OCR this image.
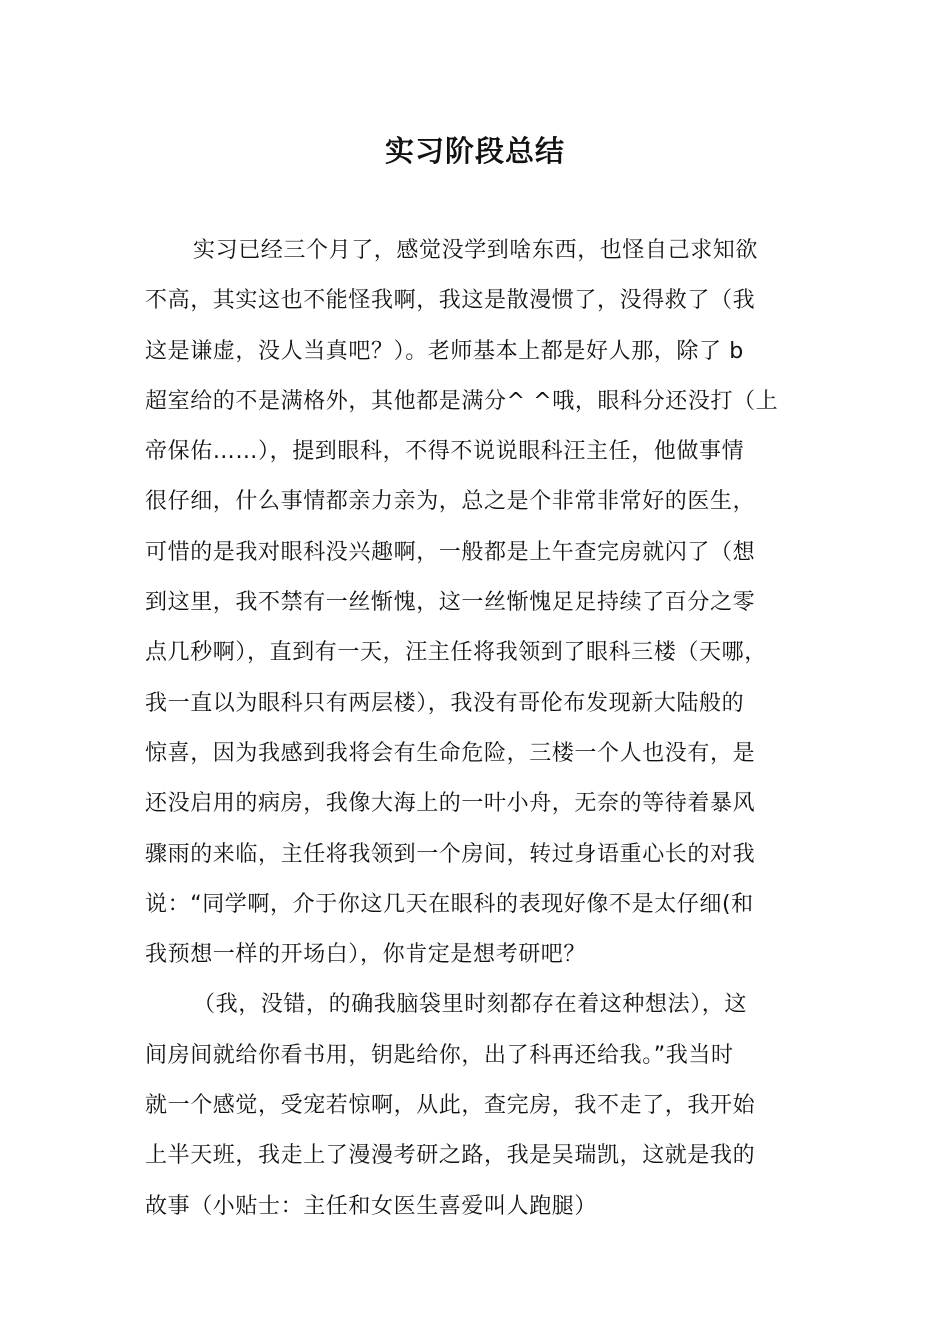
实习阶段总结
实习已经三个月了，感觉没学到啥东西，也怪自己求知欲
不高，其实这也不能怪我啊，我这是散漫惯了，没得救了（我
这是谦虚，没人当真吧？）。老师基本上都是好人那，除了 b
超室给的不是满格外，其他都是满分^ ^哦，眼科分还没打（上
帝保佑……），提到眼科，不得不说说眼科汪主任，他做事情
很仔细，什么事情都亲力亲为，总之是个非常非常好的医生，
可惜的是我对眼科没兴趣啊，一般都是上午查完房就闪了（想
到这里，我不禁有一丝惭愧，这一丝惭愧足足持续了百分之零
点几秒啊），直到有一天，汪主任将我领到了眼科三楼（天哪，
我一直以为眼科只有两层楼），我没有哥伦布发现新大陆般的
惊喜，因为我感到我将会有生命危险，三楼一个人也没有，是
还没启用的病房，我像大海上的一叶小舟，无奈的等待着暴风
骤雨的来临，主任将我领到一个房间，转过身语重心长的对我
说：“同学啊，介于你这几天在眼科的表现好像不是太仔细(和
我预想一样的开场白），你肯定是想考研吧？
（我，没错，的确我脑袋里时刻都存在着这种想法），这
间房间就给你看书用，钥匙给你，出了科再还给我。”我当时
就一个感觉，受宠若惊啊，从此，查完房，我不走了，我开始
上半天班，我走上了漫漫考研之路，我是吴瑞凯，这就是我的
故事（小贴士：主任和女医生喜爱叫人跑腿）
